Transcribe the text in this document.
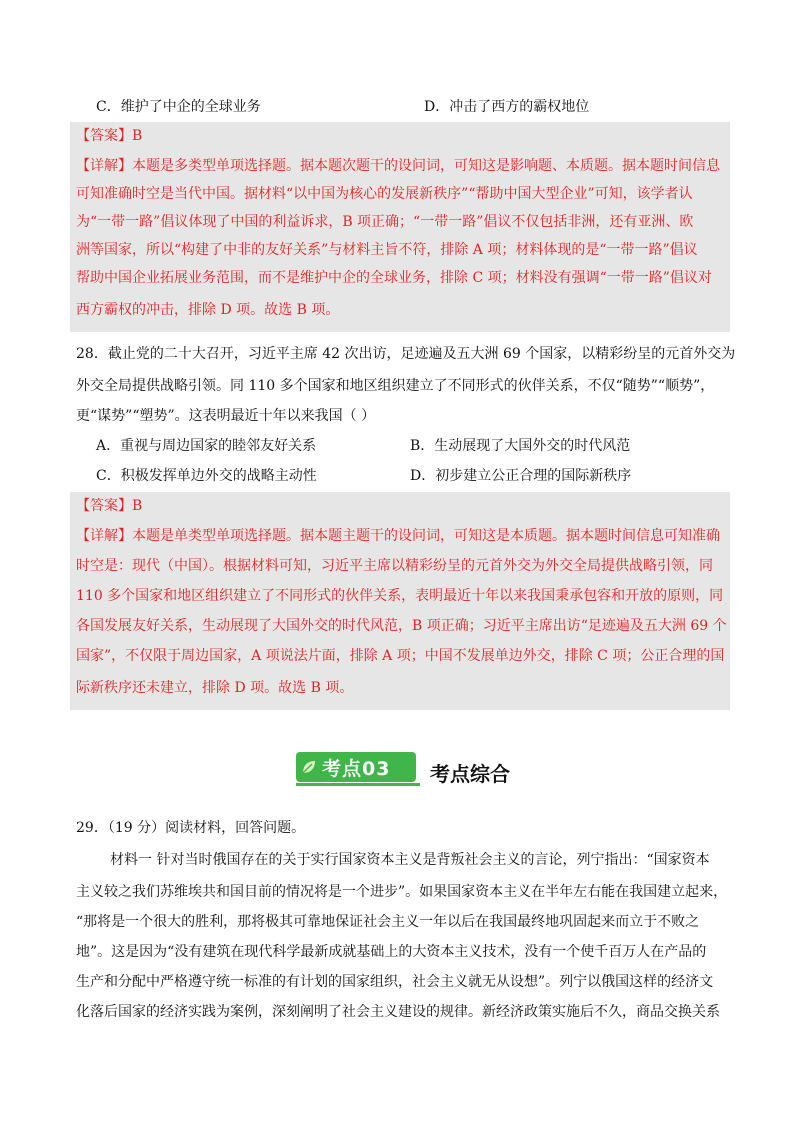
C．维护了中企的全球业务	D．冲击了西方的霸权地位
【答案】B
【详解】本题是多类型单项选择题。据本题次题干的设问词，可知这是影响题、本质题。据本题时间信息
可知准确时空是当代中国。据材料“以中国为核心的发展新秩序”“帮助中国大型企业”可知，该学者认
为“一带一路”倡议体现了中国的利益诉求，B 项正确；“一带一路”倡议不仅包括非洲，还有亚洲、欧
洲等国家，所以“构建了中非的友好关系”与材料主旨不符，排除 A 项；材料体现的是“一带一路”倡议
帮助中国企业拓展业务范围，而不是维护中企的全球业务，排除 C 项；材料没有强调“一带一路”倡议对
西方霸权的冲击，排除 D 项。故选 B 项。
28．截止党的二十大召开，习近平主席 42 次出访，足迹遍及五大洲 69 个国家，以精彩纷呈的元首外交为
外交全局提供战略引领。同 110 多个国家和地区组织建立了不同形式的伙伴关系，不仅“随势”“顺势”，
更“谋势”“塑势”。这表明最近十年以来我国（ ）
A．重视与周边国家的睦邻友好关系	B．生动展现了大国外交的时代风范
C．积极发挥单边外交的战略主动性	D．初步建立公正合理的国际新秩序
【答案】B
【详解】本题是单类型单项选择题。据本题主题干的设问词，可知这是本质题。据本题时间信息可知准确
时空是：现代（中国）。根据材料可知，习近平主席以精彩纷呈的元首外交为外交全局提供战略引领，同
110 多个国家和地区组织建立了不同形式的伙伴关系，表明最近十年以来我国秉承包容和开放的原则，同
各国发展友好关系，生动展现了大国外交的时代风范，B 项正确；习近平主席出访“足迹遍及五大洲 69 个
国家”，不仅限于周边国家，A 项说法片面，排除 A 项；中国不发展单边外交，排除 C 项；公正合理的国
际新秩序还未建立，排除 D 项。故选 B 项。
考点03 考点综合
29．（19 分）阅读材料，回答问题。
材料一 针对当时俄国存在的关于实行国家资本主义是背叛社会主义的言论，列宁指出：“国家资本
主义较之我们苏维埃共和国目前的情况将是一个进步”。如果国家资本主义在半年左右能在我国建立起来，
“那将是一个很大的胜利，那将极其可靠地保证社会主义一年以后在我国最终地巩固起来而立于不败之
地”。这是因为“没有建筑在现代科学最新成就基础上的大资本主义技术，没有一个使千百万人在产品的
生产和分配中严格遵守统一标准的有计划的国家组织，社会主义就无从设想”。列宁以俄国这样的经济文
化落后国家的经济实践为案例，深刻阐明了社会主义建设的规律。新经济政策实施后不久，商品交换关系
